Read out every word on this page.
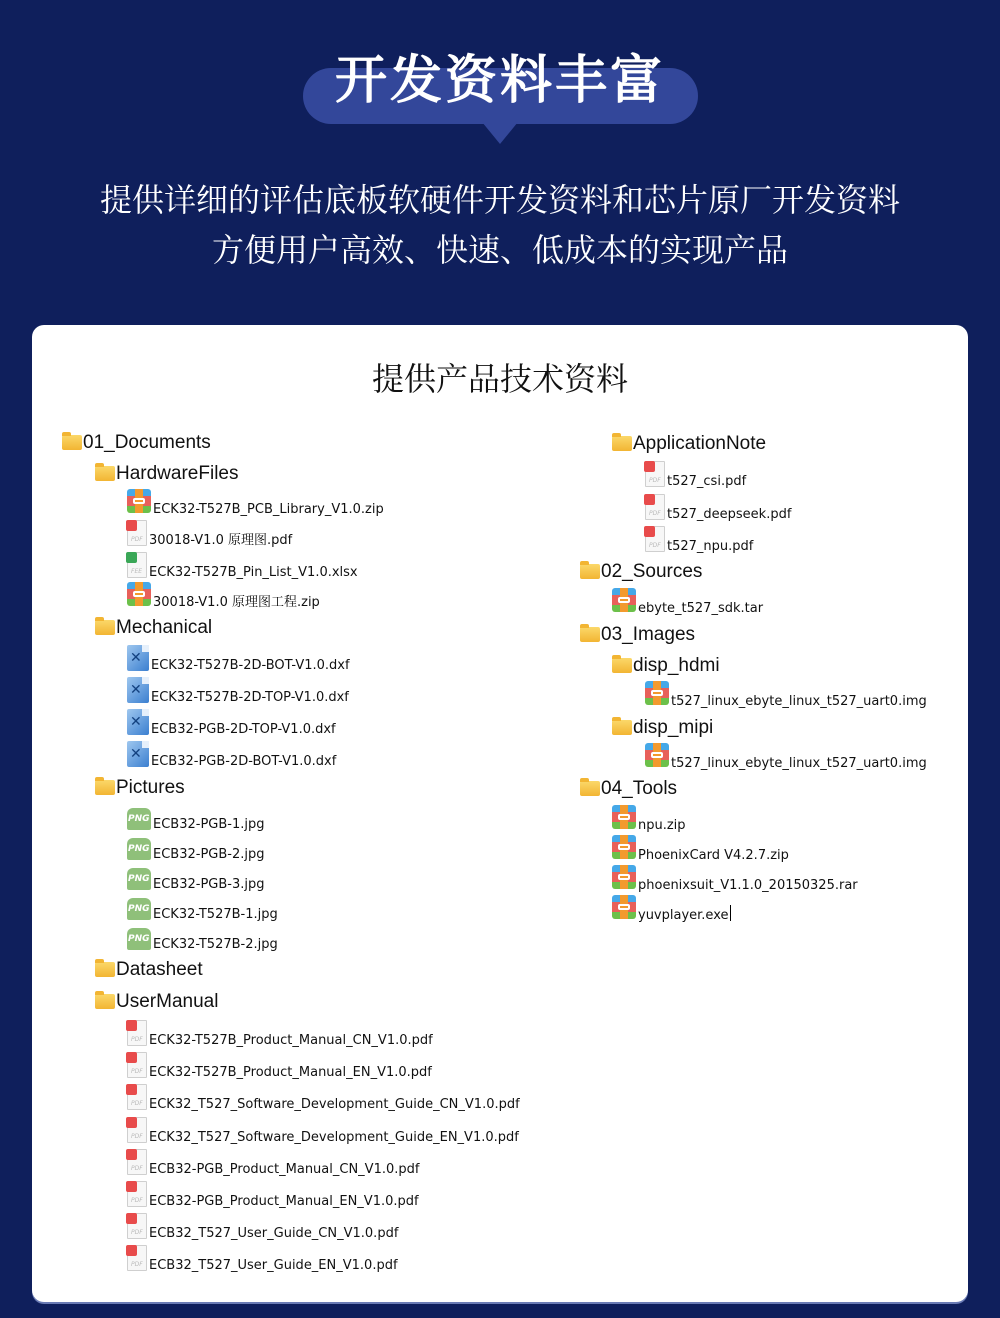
开发资料丰富
提供详细的评估底板软硬件开发资料和芯片原厂开发资料
方便用户高效、快速、低成本的实现产品
提供产品技术资料
01_Documents
HardwareFiles
ECK32-T527B_PCB_Library_V1.0.zip
PDF 30018-V1.0 原理图.pdf
FEE ECK32-T527B_Pin_List_V1.0.xlsx
30018-V1.0 原理图工程.zip
Mechanical
✕ ECK32-T527B-2D-BOT-V1.0.dxf
✕ ECK32-T527B-2D-TOP-V1.0.dxf
✕ ECB32-PGB-2D-TOP-V1.0.dxf
✕ ECB32-PGB-2D-BOT-V1.0.dxf
Pictures
PNG ECB32-PGB-1.jpg
PNG ECB32-PGB-2.jpg
PNG ECB32-PGB-3.jpg
PNG ECK32-T527B-1.jpg
PNG ECK32-T527B-2.jpg
Datasheet
UserManual
PDF ECK32-T527B_Product_Manual_CN_V1.0.pdf
PDF ECK32-T527B_Product_Manual_EN_V1.0.pdf
PDF ECK32_T527_Software_Development_Guide_CN_V1.0.pdf
PDF ECK32_T527_Software_Development_Guide_EN_V1.0.pdf
PDF ECB32-PGB_Product_Manual_CN_V1.0.pdf
PDF ECB32-PGB_Product_Manual_EN_V1.0.pdf
PDF ECB32_T527_User_Guide_CN_V1.0.pdf
PDF ECB32_T527_User_Guide_EN_V1.0.pdf
ApplicationNote
PDF t527_csi.pdf
PDF t527_deepseek.pdf
PDF t527_npu.pdf
02_Sources
ebyte_t527_sdk.tar
03_Images
disp_hdmi
t527_linux_ebyte_linux_t527_uart0.img
disp_mipi
t527_linux_ebyte_linux_t527_uart0.img
04_Tools
npu.zip
PhoenixCard V4.2.7.zip
phoenixsuit_V1.1.0_20150325.rar
yuvplayer.exe
